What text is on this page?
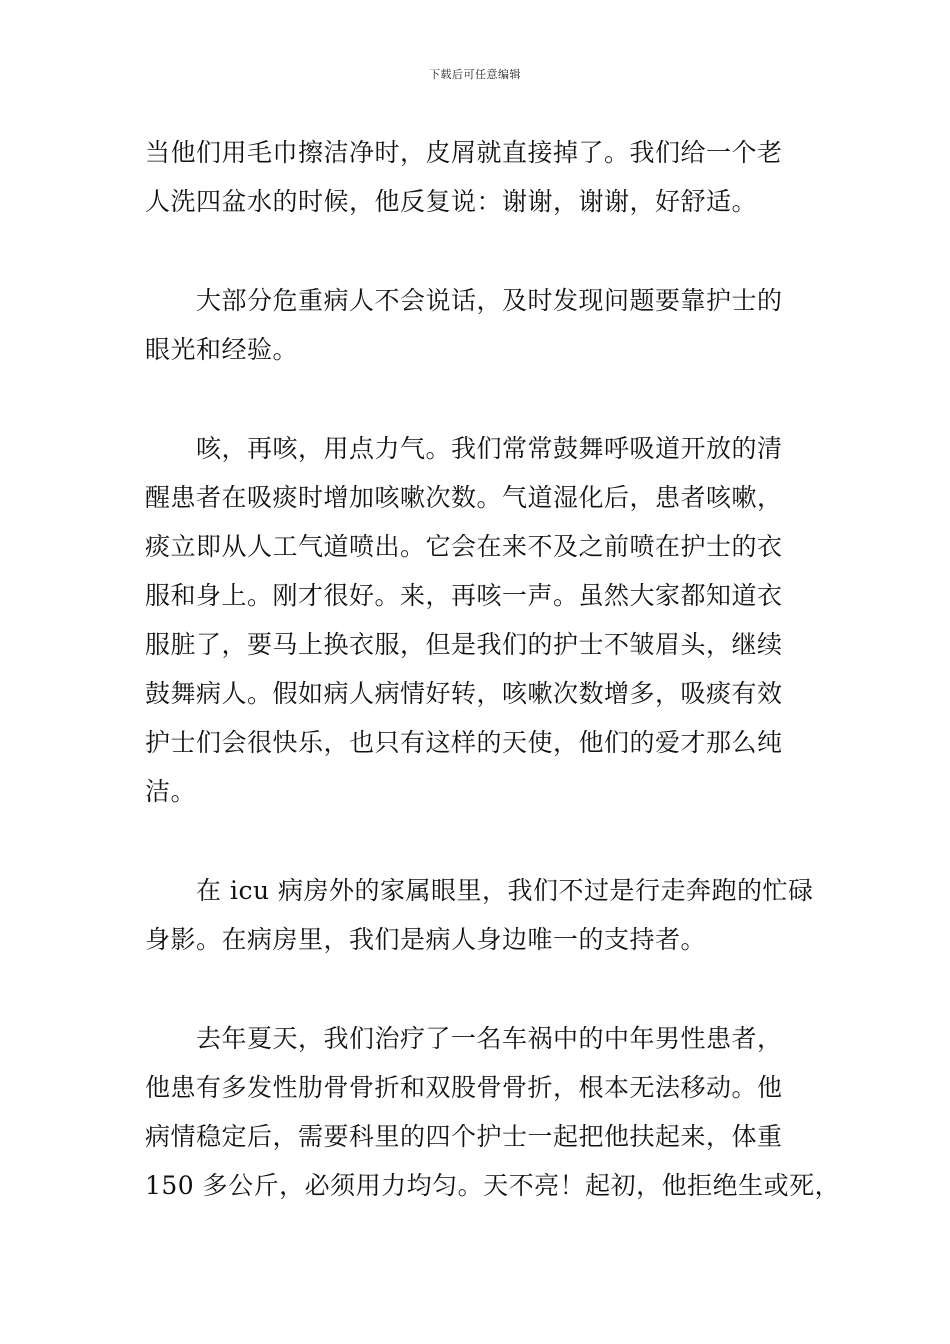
下载后可任意编辑

当他们用毛巾擦洁净时，皮屑就直接掉了。我们给一个老
人洗四盆水的时候，他反复说：谢谢，谢谢，好舒适。

大部分危重病人不会说话，及时发现问题要靠护士的
眼光和经验。

咳，再咳，用点力气。我们常常鼓舞呼吸道开放的清
醒患者在吸痰时增加咳嗽次数。气道湿化后，患者咳嗽，
痰立即从人工气道喷出。它会在来不及之前喷在护士的衣
服和身上。刚才很好。来，再咳一声。虽然大家都知道衣
服脏了，要马上换衣服，但是我们的护士不皱眉头，继续
鼓舞病人。假如病人病情好转，咳嗽次数增多，吸痰有效
护士们会很快乐，也只有这样的天使，他们的爱才那么纯
洁。

在 icu 病房外的家属眼里，我们不过是行走奔跑的忙碌
身影。在病房里，我们是病人身边唯一的支持者。

去年夏天，我们治疗了一名车祸中的中年男性患者，
他患有多发性肋骨骨折和双股骨骨折，根本无法移动。他
病情稳定后，需要科里的四个护士一起把他扶起来，体重
150 多公斤，必须用力均匀。天不亮！起初，他拒绝生或死，
